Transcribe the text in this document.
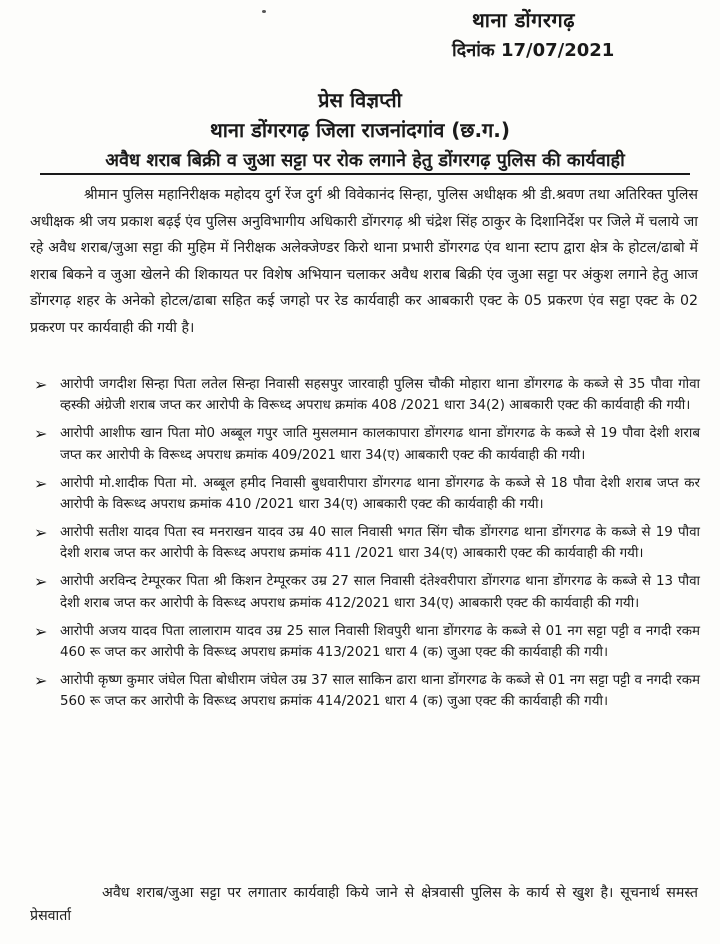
थाना डोंगरगढ़
दिनांक 17/07/2021
प्रेस विज्ञप्ती
थाना डोंगरगढ़ जिला राजनांदगांव (छ.ग.)
अवैध शराब बिक्री व जुआ सट्टा पर रोक लगाने हेतु डोंगरगढ़ पुलिस की कार्यवाही

श्रीमान पुलिस महानिरीक्षक महोदय दुर्ग रेंज दुर्ग श्री विवेकानंद सिन्हा, पुलिस अधीक्षक श्री डी.श्रवण तथा अतिरिक्त पुलिस अधीक्षक श्री जय प्रकाश बढ़ई एंव पुलिस अनुविभागीय अधिकारी डोंगरगढ़ श्री चंद्रेश सिंह ठाकुर के दिशानिर्देश पर जिले में चलाये जा रहे अवैध शराब/जुआ सट्टा की मुहिम में निरीक्षक अलेक्जेण्डर किरो थाना प्रभारी डोंगरगढ एंव थाना स्टाप द्वारा क्षेत्र के होटल/ढाबो में शराब बिकने व जुआ खेलने की शिकायत पर विशेष अभियान चलाकर अवैध शराब बिक्री एंव जुआ सट्टा पर अंकुश लगाने हेतु आज डोंगरगढ़ शहर के अनेको होटल/ढाबा सहित कई जगहो पर रेड कार्यवाही कर आबकारी एक्ट के 05 प्रकरण एंव सट्टा एक्ट के 02 प्रकरण पर कार्यवाही की गयी है।

➢ आरोपी जगदीश सिन्हा पिता लतेल सिन्हा निवासी सहसपुर जारवाही पुलिस चौकी मोहारा थाना डोंगरगढ के कब्जे से 35 पौवा गोवा व्हस्की अंग्रेजी शराब जप्त कर आरोपी के विरूध्द अपराध क्रमांक 408 /2021 धारा 34(2) आबकारी एक्ट की कार्यवाही की गयी।
➢ आरोपी आशीफ खान पिता मो0 अब्बूल गपुर जाति मुसलमान कालकापारा डोंगरगढ थाना डोंगरगढ के कब्जे से 19 पौवा देशी शराब जप्त कर आरोपी के विरूध्द अपराध क्रमांक 409/2021 धारा 34(ए) आबकारी एक्ट की कार्यवाही की गयी।
➢ आरोपी मो.शादीक पिता मो. अब्बूल हमीद निवासी बुधवारीपारा डोंगरगढ थाना डोंगरगढ के कब्जे से 18 पौवा देशी शराब जप्त कर आरोपी के विरूध्द अपराध क्रमांक 410 /2021 धारा 34(ए) आबकारी एक्ट की कार्यवाही की गयी।
➢ आरोपी सतीश यादव पिता स्व मनराखन यादव उम्र 40 साल निवासी भगत सिंग चौक डोंगरगढ थाना डोंगरगढ के कब्जे से 19 पौवा देशी शराब जप्त कर आरोपी के विरूध्द अपराध क्रमांक 411 /2021 धारा 34(ए) आबकारी एक्ट की कार्यवाही की गयी।
➢ आरोपी अरविन्द टेम्पूरकर पिता श्री किशन टेम्पूरकर उम्र 27 साल निवासी दंतेश्वरीपारा डोंगरगढ थाना डोंगरगढ के कब्जे से 13 पौवा देशी शराब जप्त कर आरोपी के विरूध्द अपराध क्रमांक 412/2021 धारा 34(ए) आबकारी एक्ट की कार्यवाही की गयी।
➢ आरोपी अजय यादव पिता लालाराम यादव उम्र 25 साल निवासी शिवपुरी थाना डोंगरगढ के कब्जे से 01 नग सट्टा पट्टी व नगदी रकम 460 रू जप्त कर आरोपी के विरूध्द अपराध क्रमांक 413/2021 धारा 4 (क) जुआ एक्ट की कार्यवाही की गयी।
➢ आरोपी कृष्ण कुमार जंघेल पिता बोधीराम जंघेल उम्र 37 साल साकिन ढारा थाना डोंगरगढ के कब्जे से 01 नग सट्टा पट्टी व नगदी रकम 560 रू जप्त कर आरोपी के विरूध्द अपराध क्रमांक 414/2021 धारा 4 (क) जुआ एक्ट की कार्यवाही की गयी।

अवैध शराब/जुआ सट्टा पर लगातार कार्यवाही किये जाने से क्षेत्रवासी पुलिस के कार्य से खुश है। सूचनार्थ समस्त प्रेसवार्ता
